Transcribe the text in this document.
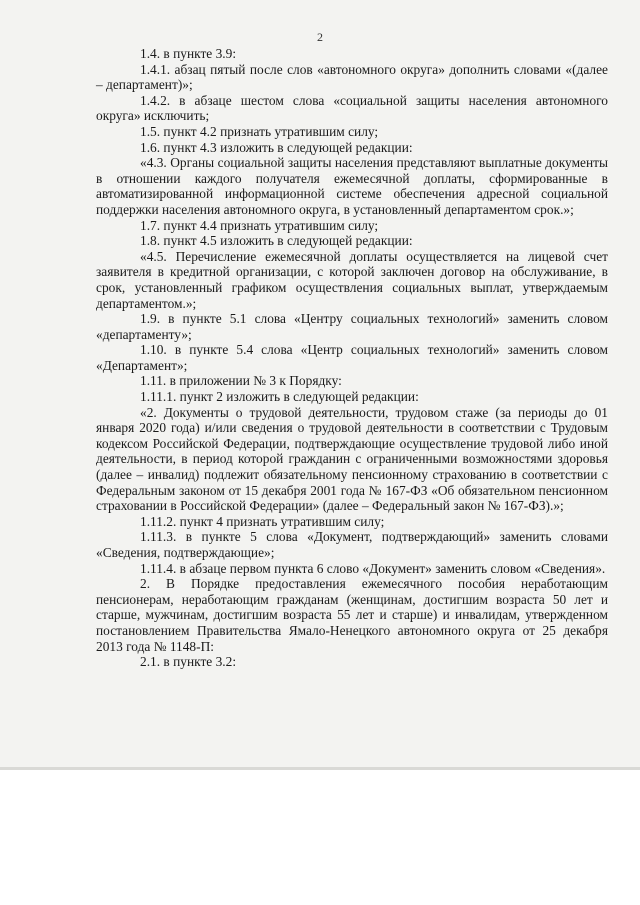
2

1.4. в пункте 3.9:

1.4.1. абзац пятый после слов «автономного округа» дополнить словами «(далее – департамент)»;

1.4.2. в абзаце шестом слова «социальной защиты населения автономного округа» исключить;

1.5. пункт 4.2 признать утратившим силу;

1.6. пункт 4.3 изложить в следующей редакции:

«4.3. Органы социальной защиты населения представляют выплатные документы в отношении каждого получателя ежемесячной доплаты, сформированные в автоматизированной информационной системе обеспечения адресной социальной поддержки населения автономного округа, в установленный департаментом срок.»;

1.7. пункт 4.4 признать утратившим силу;

1.8. пункт 4.5 изложить в следующей редакции:

«4.5. Перечисление ежемесячной доплаты осуществляется на лицевой счет заявителя в кредитной организации, с которой заключен договор на обслуживание, в срок, установленный графиком осуществления социальных выплат, утверждаемым департаментом.»;

1.9. в пункте 5.1 слова «Центру социальных технологий» заменить словом «департаменту»;

1.10. в пункте 5.4 слова «Центр социальных технологий» заменить словом «Департамент»;

1.11. в приложении № 3 к Порядку:

1.11.1. пункт 2 изложить в следующей редакции:

«2. Документы о трудовой деятельности, трудовом стаже (за периоды до 01 января 2020 года) и/или сведения о трудовой деятельности в соответствии с Трудовым кодексом Российской Федерации, подтверждающие осуществление трудовой либо иной деятельности, в период которой гражданин с ограниченными возможностями здоровья (далее – инвалид) подлежит обязательному пенсионному страхованию в соответствии с Федеральным законом от 15 декабря 2001 года № 167-ФЗ «Об обязательном пенсионном страховании в Российской Федерации» (далее – Федеральный закон № 167-ФЗ).»;

1.11.2. пункт 4 признать утратившим силу;

1.11.3. в пункте 5 слова «Документ, подтверждающий» заменить словами «Сведения, подтверждающие»;

1.11.4. в абзаце первом пункта 6 слово «Документ» заменить словом «Сведения».

2. В Порядке предоставления ежемесячного пособия неработающим пенсионерам, неработающим гражданам (женщинам, достигшим возраста 50 лет и старше, мужчинам, достигшим возраста 55 лет и старше) и инвалидам, утвержденном постановлением Правительства Ямало-Ненецкого автономного округа от 25 декабря 2013 года № 1148-П:

2.1. в пункте 3.2:
